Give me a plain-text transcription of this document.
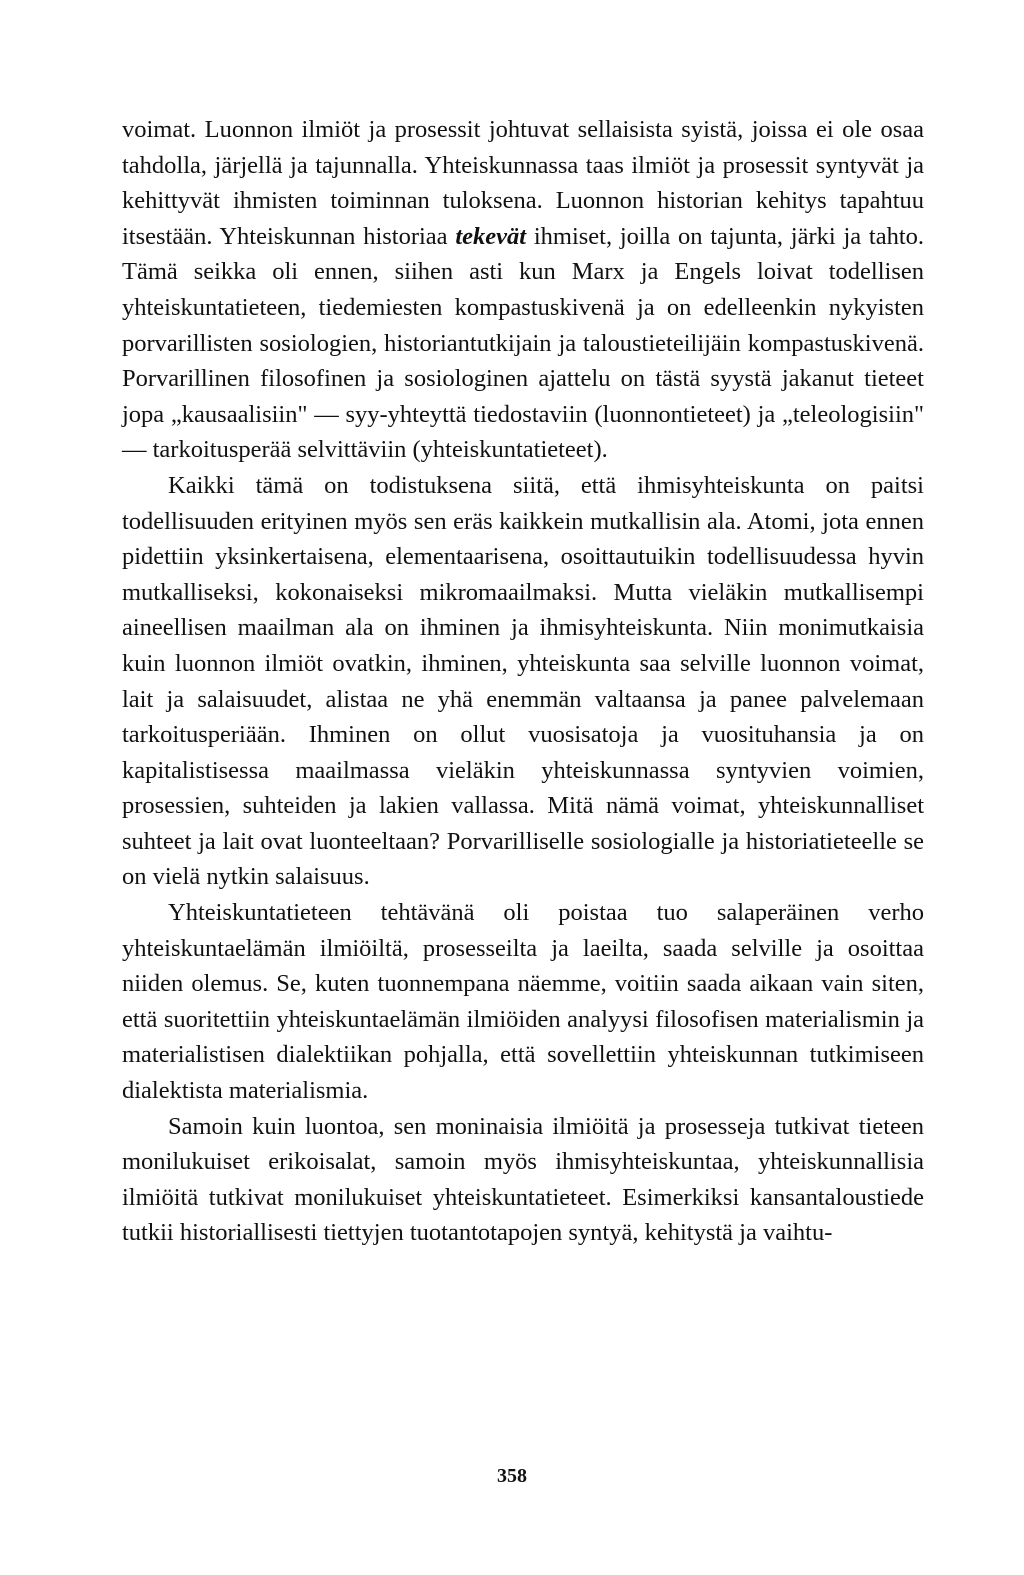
voimat. Luonnon ilmiöt ja prosessit johtuvat sellaisista syistä, joissa ei ole osaa tahdolla, järjellä ja tajunnalla. Yhteiskunnassa taas ilmiöt ja prosessit syntyvät ja kehittyvät ihmisten toiminnan tuloksena. Luonnon historian kehitys tapahtuu itsestään. Yhteiskunnan historiaa tekevät ihmiset, joilla on tajunta, järki ja tahto. Tämä seikka oli ennen, siihen asti kun Marx ja Engels loivat todellisen yhteiskuntatieteen, tiedemiesten kompastuskivenä ja on edelleenkin nykyisten porvarillisten sosiologien, historiantutkijain ja taloustieteilijäin kompastuskivenä. Porvarillinen filosofinen ja sosiologinen ajattelu on tästä syystä jakanut tieteet jopa „kausaalisiin" — syy-yhteyttä tiedostaviin (luonnontieteet) ja „teleologisiin" — tarkoitusperää selvittäviin (yhteiskuntatieteet).

Kaikki tämä on todistuksena siitä, että ihmisyhteiskunta on paitsi todellisuuden erityinen myös sen eräs kaikkein mutkallisin ala. Atomi, jota ennen pidettiin yksinkertaisena, elementaarisena, osoittautuikin todellisuudessa hyvin mutkalliseksi, kokonaiseksi mikromaailmaksi. Mutta vieläkin mutkallisempi aineellisen maailman ala on ihminen ja ihmisyhteiskunta. Niin monimutkaisia kuin luonnon ilmiöt ovatkin, ihminen, yhteiskunta saa selville luonnon voimat, lait ja salaisuudet, alistaa ne yhä enemmän valtaansa ja panee palvelemaan tarkoitusperiään. Ihminen on ollut vuosisatoja ja vuosituhansia ja on kapitalistisessa maailmassa vieläkin yhteiskunnassa syntyvien voimien, prosessien, suhteiden ja lakien vallassa. Mitä nämä voimat, yhteiskunnalliset suhteet ja lait ovat luonteeltaan? Porvarilliselle sosiologialle ja historiatieteelle se on vielä nytkin salaisuus.

Yhteiskuntatieteen tehtävänä oli poistaa tuo salaperäinen verho yhteiskuntaelämän ilmiöiltä, prosesseilta ja laeilta, saada selville ja osoittaa niiden olemus. Se, kuten tuonnempana näemme, voitiin saada aikaan vain siten, että suoritettiin yhteiskuntaelämän ilmiöiden analyysi filosofisen materialismin ja materialistisen dialektiikan pohjalla, että sovellettiin yhteiskunnan tutkimiseen dialektista materialismia.

Samoin kuin luontoa, sen moninaisia ilmiöitä ja prosesseja tutkivat tieteen monilukuiset erikoisalat, samoin myös ihmisyhteiskuntaa, yhteiskunnallisia ilmiöitä tutkivat monilukuiset yhteiskuntatieteet. Esimerkiksi kansantaloustiede tutkii historiallisesti tiettyjen tuotantotapojen syntyä, kehitystä ja vaihtu-

358
